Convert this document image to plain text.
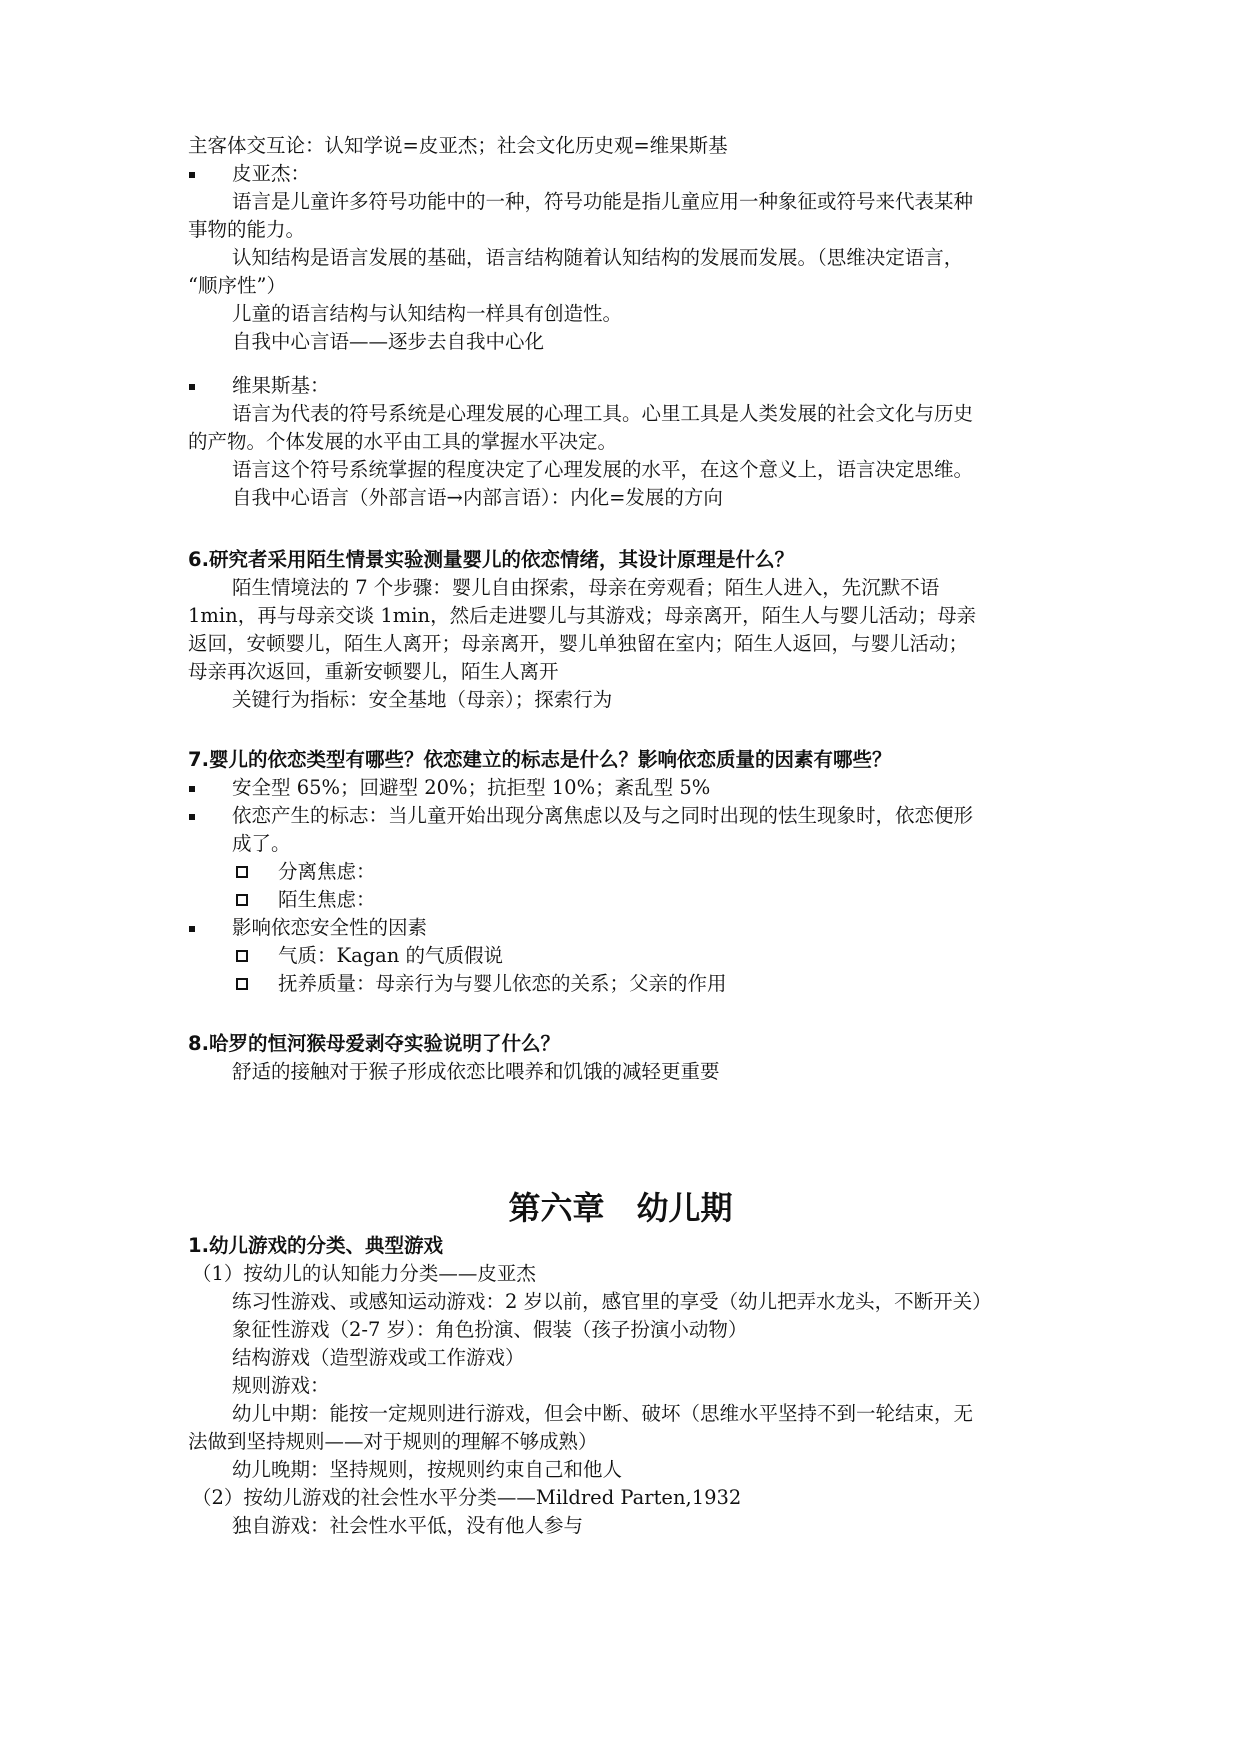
主客体交互论：认知学说=皮亚杰；社会文化历史观=维果斯基
皮亚杰：
语言是儿童许多符号功能中的一种，符号功能是指儿童应用一种象征或符号来代表某种
事物的能力。
认知结构是语言发展的基础，语言结构随着认知结构的发展而发展。（思维决定语言，
“顺序性”）
儿童的语言结构与认知结构一样具有创造性。
自我中心言语——逐步去自我中心化
维果斯基：
语言为代表的符号系统是心理发展的心理工具。心里工具是人类发展的社会文化与历史
的产物。个体发展的水平由工具的掌握水平决定。
语言这个符号系统掌握的程度决定了心理发展的水平，在这个意义上，语言决定思维。
自我中心语言（外部言语→内部言语）：内化=发展的方向
6.研究者采用陌生情景实验测量婴儿的依恋情绪，其设计原理是什么？
陌生情境法的 7 个步骤：婴儿自由探索，母亲在旁观看；陌生人进入，先沉默不语
1min，再与母亲交谈 1min，然后走进婴儿与其游戏；母亲离开，陌生人与婴儿活动；母亲
返回，安顿婴儿，陌生人离开；母亲离开，婴儿单独留在室内；陌生人返回，与婴儿活动；
母亲再次返回，重新安顿婴儿，陌生人离开
关键行为指标：安全基地（母亲）；探索行为
7.婴儿的依恋类型有哪些？依恋建立的标志是什么？影响依恋质量的因素有哪些？
安全型 65%；回避型 20%；抗拒型 10%；紊乱型 5%
依恋产生的标志：当儿童开始出现分离焦虑以及与之同时出现的怯生现象时，依恋便形
成了。
分离焦虑：
陌生焦虑：
影响依恋安全性的因素
气质：Kagan 的气质假说
抚养质量：母亲行为与婴儿依恋的关系；父亲的作用
8.哈罗的恒河猴母爱剥夺实验说明了什么？
舒适的接触对于猴子形成依恋比喂养和饥饿的减轻更重要
第六章　幼儿期
1.幼儿游戏的分类、典型游戏
（1）按幼儿的认知能力分类——皮亚杰
练习性游戏、或感知运动游戏：2 岁以前，感官里的享受（幼儿把弄水龙头，不断开关）
象征性游戏（2-7 岁）：角色扮演、假装（孩子扮演小动物）
结构游戏（造型游戏或工作游戏）
规则游戏：
幼儿中期：能按一定规则进行游戏，但会中断、破坏（思维水平坚持不到一轮结束，无
法做到坚持规则——对于规则的理解不够成熟）
幼儿晚期：坚持规则，按规则约束自己和他人
（2）按幼儿游戏的社会性水平分类——Mildred Parten,1932
独自游戏：社会性水平低，没有他人参与
